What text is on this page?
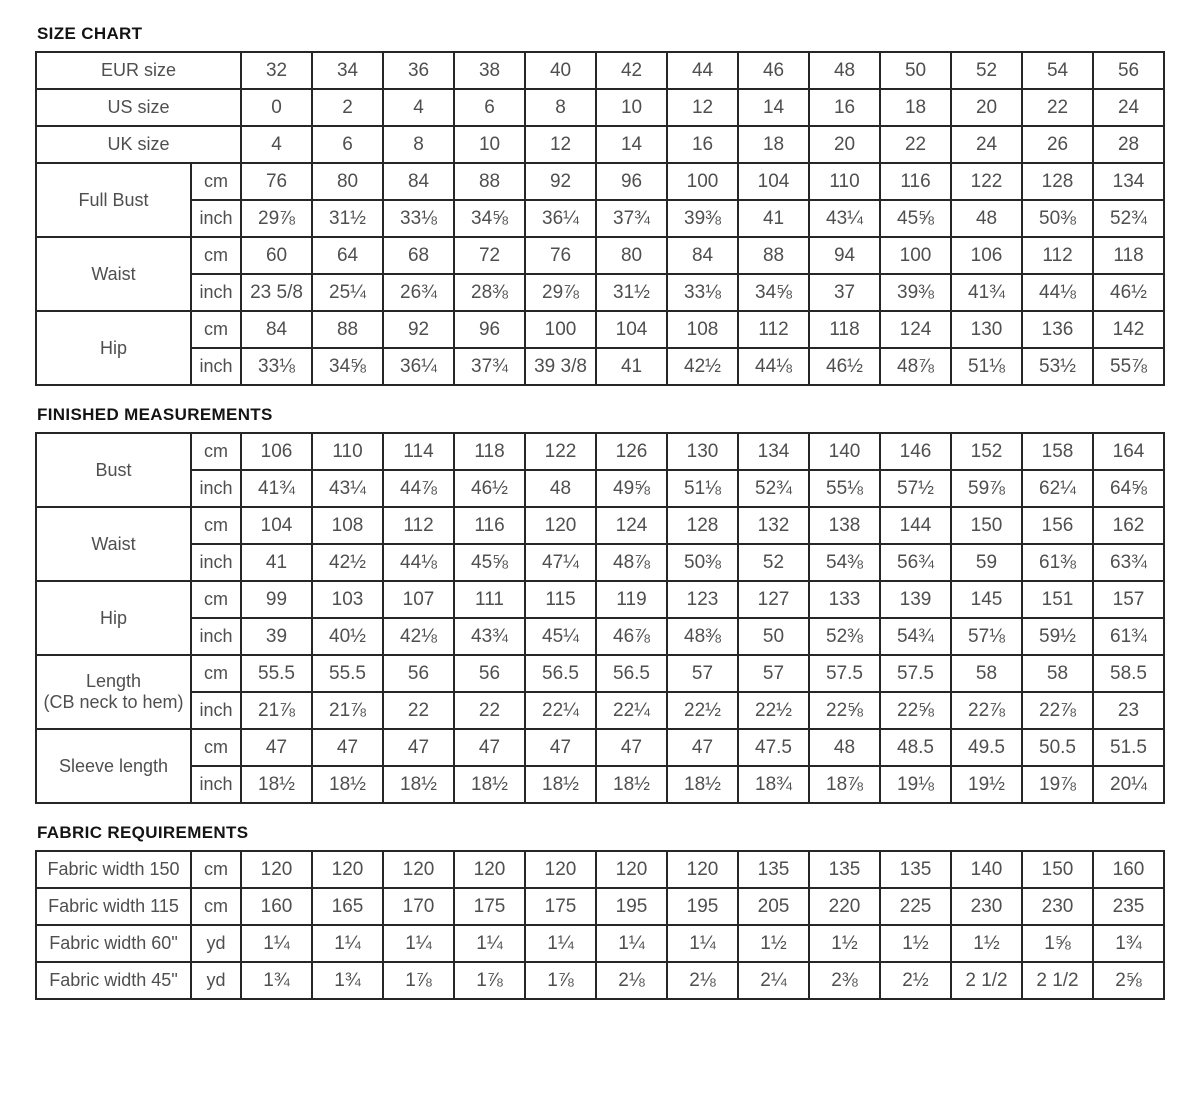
SIZE CHART
EUR size		32	34	36	38	40	42	44	46	48	50	52	54	56
US size		0	2	4	6	8	10	12	14	16	18	20	22	24
UK size		4	6	8	10	12	14	16	18	20	22	24	26	28

Full Bust	cm	76	80	84	88	92	96	100	104	110	116	122	128	134
	inch	29⅞	31½	33⅛	34⅝	36¼	37¾	39⅜	41	43¼	45⅝	48	50⅜	52¾

Waist	cm	60	64	68	72	76	80	84	88	94	100	106	112	118
	inch	23 5/8	25¼	26¾	28⅜	29⅞	31½	33⅛	34⅝	37	39⅜	41¾	44⅛	46½

Hip	cm	84	88	92	96	100	104	108	112	118	124	130	136	142
	inch	33⅛	34⅝	36¼	37¾	39 3/8	41	42½	44⅛	46½	48⅞	51⅛	53½	55⅞
FINISHED MEASUREMENTS
Bust	cm	106	110	114	118	122	126	130	134	140	146	152	158	164
	inch	41¾	43¼	44⅞	46½	48	49⅝	51⅛	52¾	55⅛	57½	59⅞	62¼	64⅝

Waist	cm	104	108	112	116	120	124	128	132	138	144	150	156	162
	inch	41	42½	44⅛	45⅝	47¼	48⅞	50⅜	52	54⅜	56¾	59	61⅜	63¾

Hip	cm	99	103	107	111	115	119	123	127	133	139	145	151	157
	inch	39	40½	42⅛	43¾	45¼	46⅞	48⅜	50	52⅜	54¾	57⅛	59½	61¾

Length
(CB neck to hem)	cm	55.5	55.5	56	56	56.5	56.5	57	57	57.5	57.5	58	58	58.5
	inch	21⅞	21⅞	22	22	22¼	22¼	22½	22½	22⅝	22⅝	22⅞	22⅞	23

Sleeve length	cm	47	47	47	47	47	47	47	47.5	48	48.5	49.5	50.5	51.5
	inch	18½	18½	18½	18½	18½	18½	18½	18¾	18⅞	19⅛	19½	19⅞	20¼
FABRIC REQUIREMENTS
Fabric width 150	cm	120	120	120	120	120	120	120	135	135	135	140	150	160

Fabric width 115	cm	160	165	170	175	175	195	195	205	220	225	230	230	235

Fabric width 60"	yd	1¼	1¼	1¼	1¼	1¼	1¼	1¼	1½	1½	1½	1½	1⅝	1¾

Fabric width 45"	yd	1¾	1¾	1⅞	1⅞	1⅞	2⅛	2⅛	2¼	2⅜	2½	2 1/2	2 1/2	2⅝
